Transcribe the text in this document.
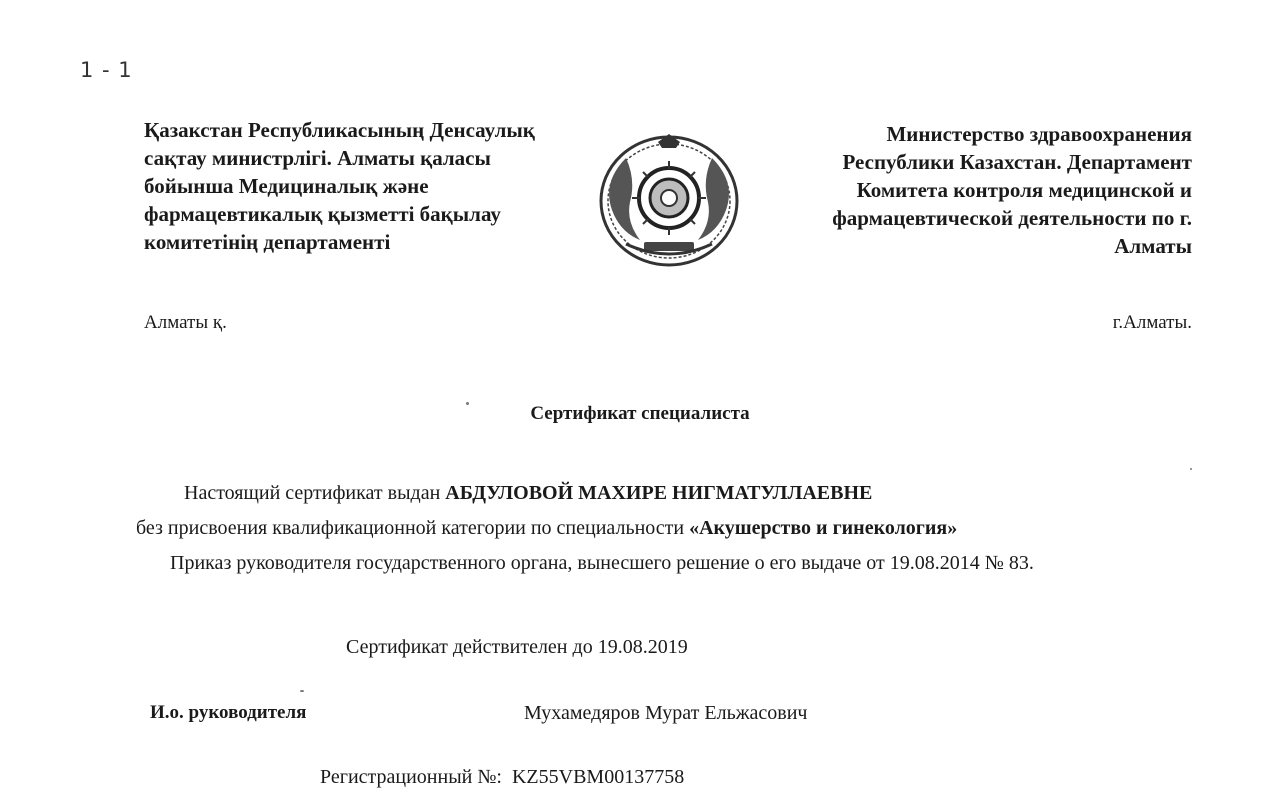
1 - 1
Қазакстан Республикасының Денсаулық
сақтау министрлігі. Алматы қаласы
бойынша Медициналық және
фармацевтикалық қызметті бақылау
комитетінің департаменті
Министерство здравоохранения
Республики Казахстан. Департамент
Комитета контроля медицинской и
фармацевтической деятельности по г.
Алматы
Алматы қ.	г.Алматы.
Сертификат специалиста
Настоящий сертификат выдан АБДУЛОВОЙ МАХИРЕ НИГМАТУЛЛАЕВНЕ
без присвоения квалификационной категории по специальности «Акушерство и гинекология»
Приказ руководителя государственного органа, вынесшего решение о его выдаче от 19.08.2014 № 83.
Сертификат действителен до 19.08.2019
И.о. руководителя	Мухамедяров Мурат Ельжасович
Регистрационный №: KZ55VBM00137758
